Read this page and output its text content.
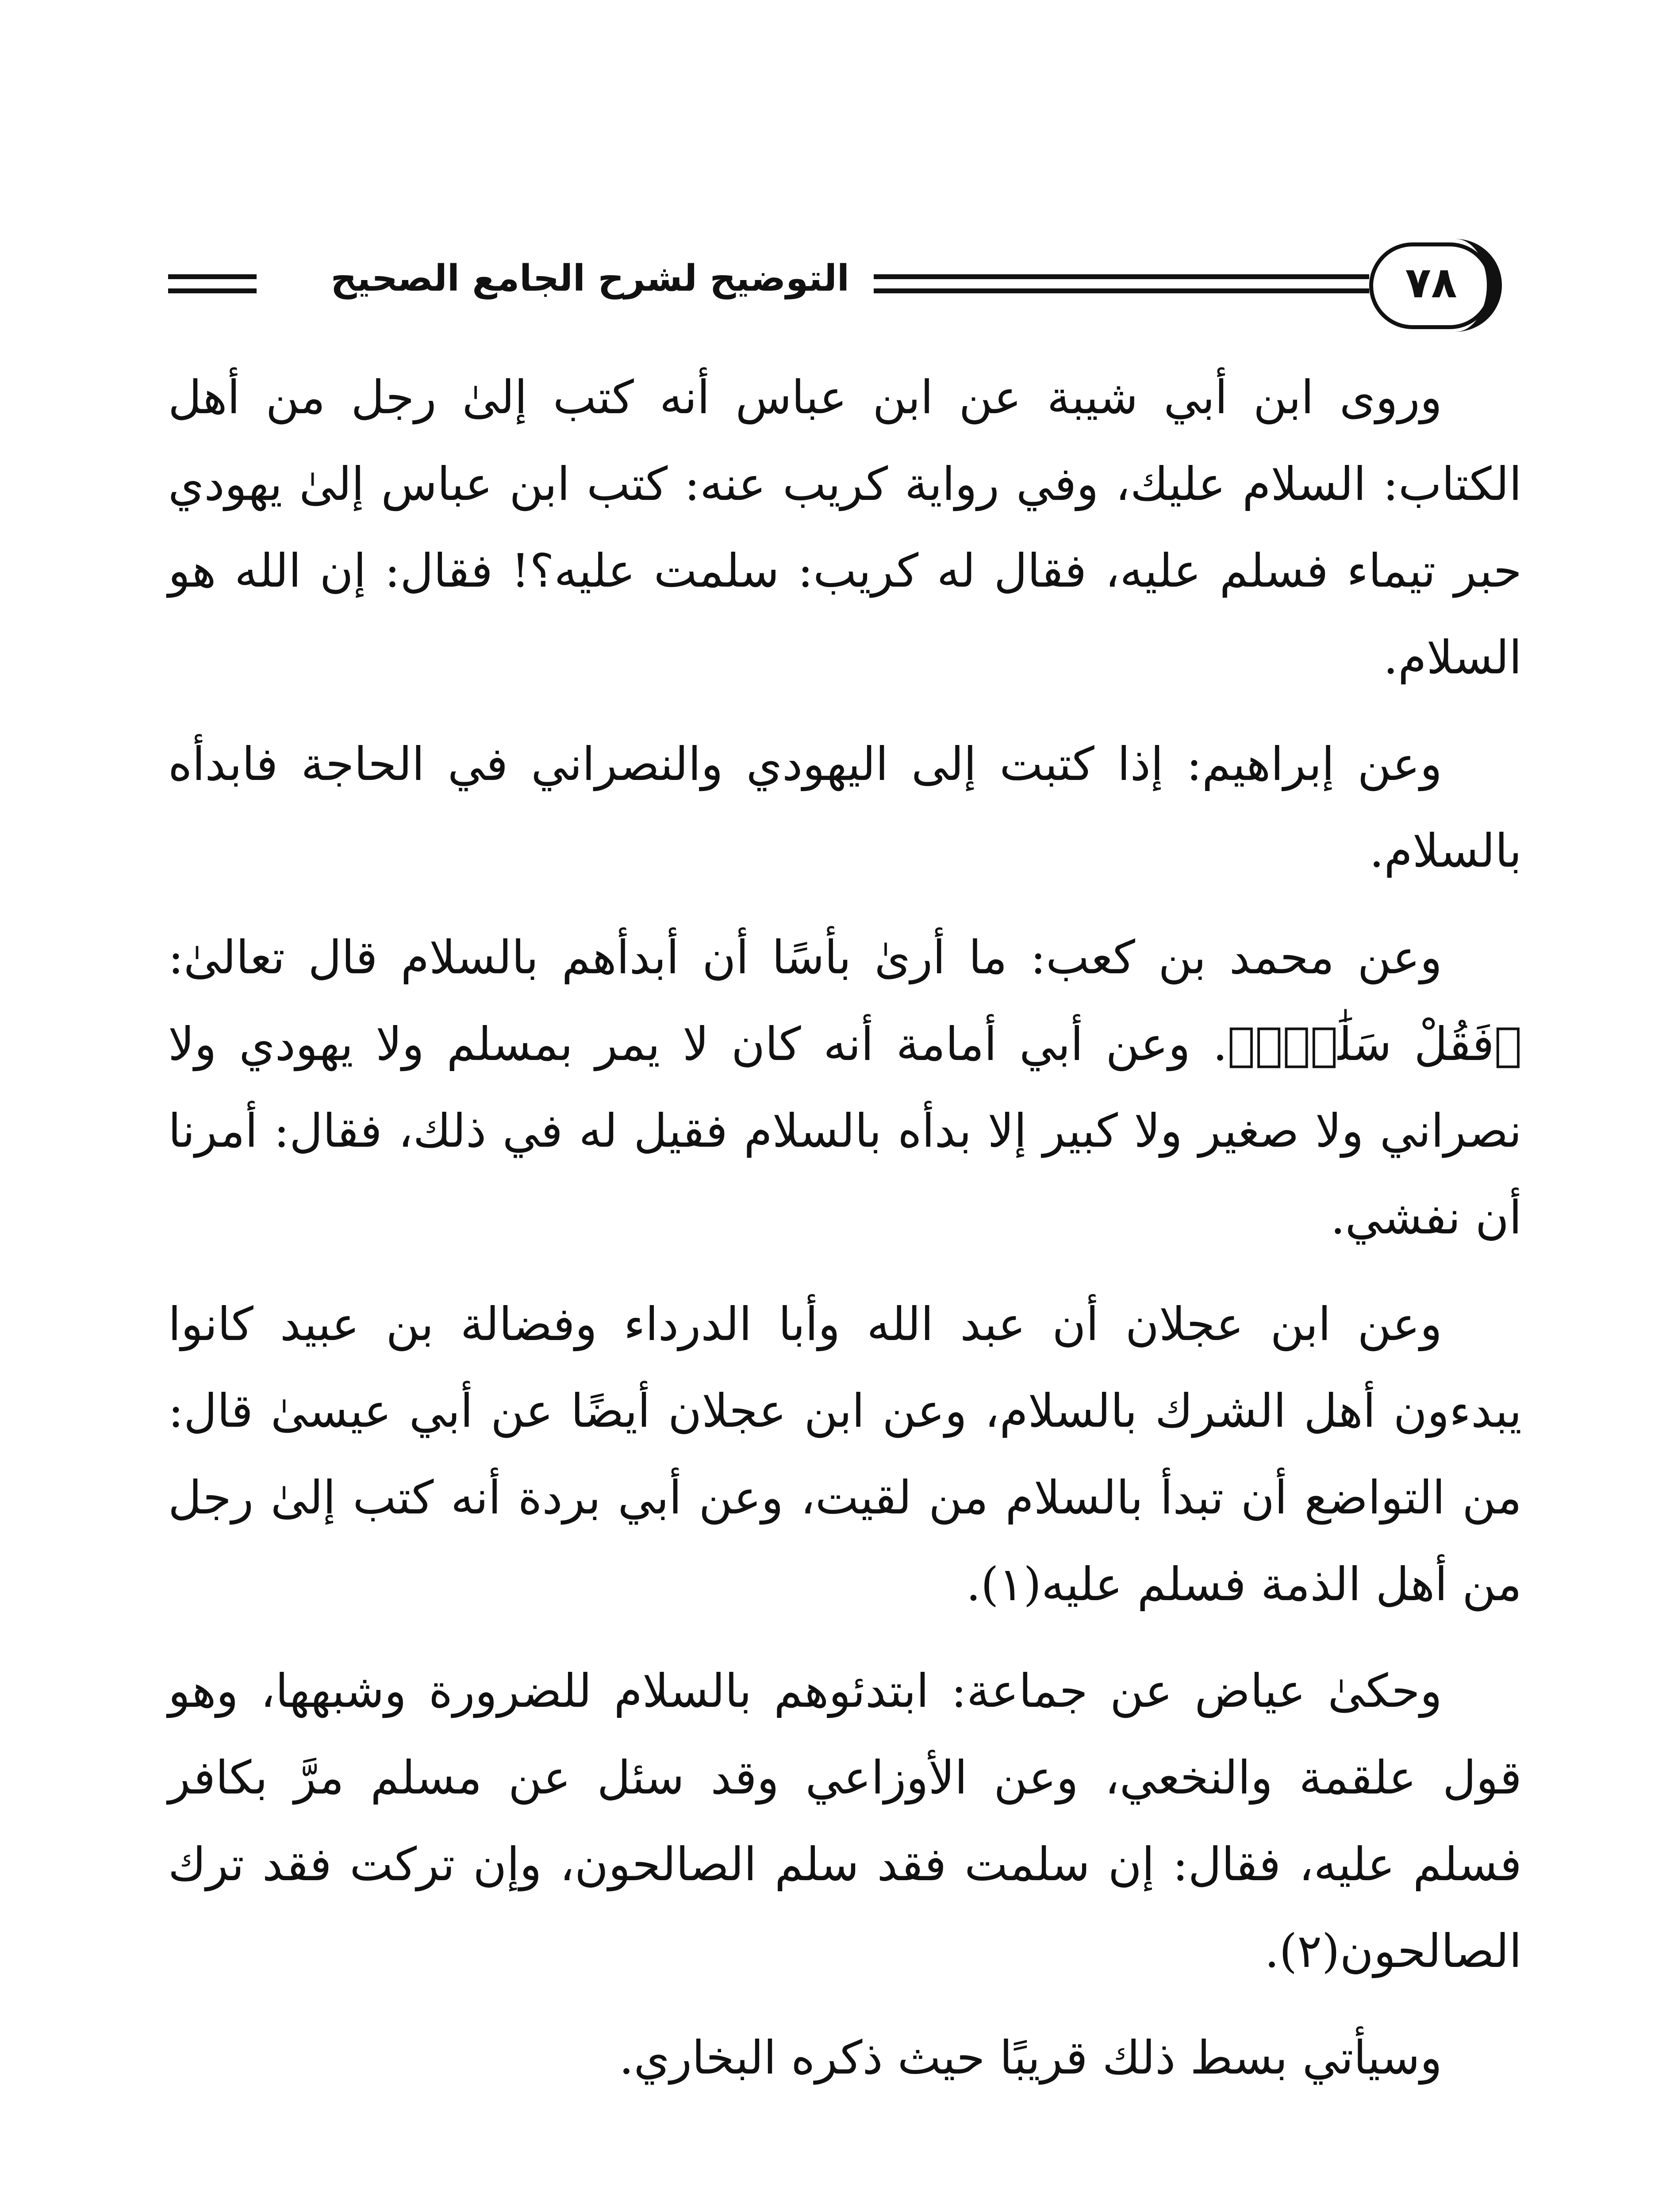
التوضيح لشرح الجامع الصحيح	٧٨

وروى ابن أبي شيبة عن ابن عباس أنه كتب إلىٰ رجل من أهل الكتاب: السلام عليك، وفي رواية كريب عنه: كتب ابن عباس إلىٰ يهودي حبر تيماء فسلم عليه، فقال له كريب: سلمت عليه؟! فقال: إن الله هو السلام.

وعن إبراهيم: إذا كتبت إلى اليهودي والنصراني في الحاجة فابدأه بالسلام.

وعن محمد بن كعب: ما أرىٰ بأسًا أن أبدأهم بالسلام قال تعالىٰ: ﴿فَقُلْ سَلَٰمٌۚ﴾. وعن أبي أمامة أنه كان لا يمر بمسلم ولا يهودي ولا نصراني ولا صغير ولا كبير إلا بدأه بالسلام فقيل له في ذلك، فقال: أمرنا أن نفشي.

وعن ابن عجلان أن عبد الله وأبا الدرداء وفضالة بن عبيد كانوا يبدءون أهل الشرك بالسلام، وعن ابن عجلان أيضًا عن أبي عيسىٰ قال: من التواضع أن تبدأ بالسلام من لقيت، وعن أبي بردة أنه كتب إلىٰ رجل من أهل الذمة فسلم عليه(١).

وحكىٰ عياض عن جماعة: ابتدئوهم بالسلام للضرورة وشبهها، وهو قول علقمة والنخعي، وعن الأوزاعي وقد سئل عن مسلم مرَّ بكافر فسلم عليه، فقال: إن سلمت فقد سلم الصالحون، وإن تركت فقد ترك الصالحون(٢).

وسيأتي بسط ذلك قريبًا حيث ذكره البخاري.
